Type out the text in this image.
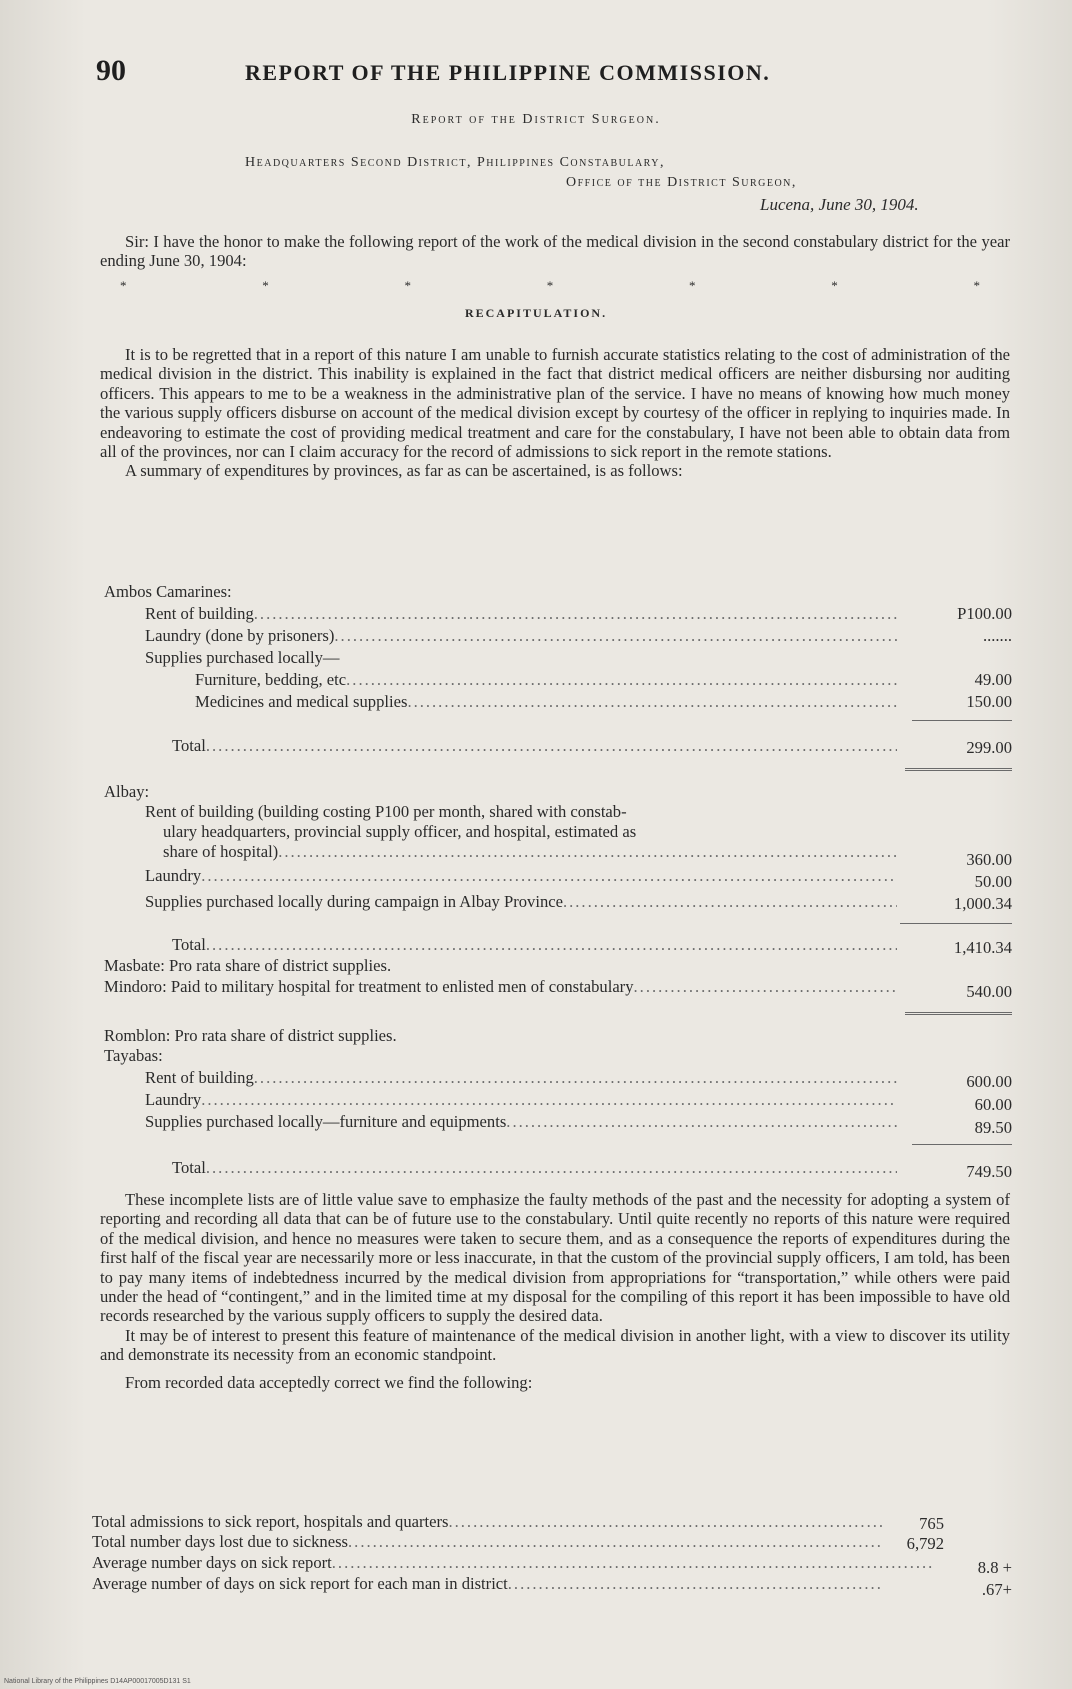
90	REPORT OF THE PHILIPPINE COMMISSION.
Report of the District Surgeon.
Headquarters Second District, Philippines Constabulary,
Office of the District Surgeon,
Lucena, June 30, 1904.

Sir: I have the honor to make the following report of the work of the medical division in the second constabulary district for the year ending June 30, 1904:

*	*	*	*	*	*	*
RECAPITULATION.

It is to be regretted that in a report of this nature I am unable to furnish accurate statistics relating to the cost of administration of the medical division in the district. This inability is explained in the fact that district medical officers are neither disbursing nor auditing officers. This appears to me to be a weakness in the administrative plan of the service. I have no means of knowing how much money the various supply officers disburse on account of the medical division except by courtesy of the officer in replying to inquiries made. In endeavoring to estimate the cost of providing medical treatment and care for the constabulary, I have not been able to obtain data from all of the provinces, nor can I claim accuracy for the record of admissions to sick report in the remote stations.

A summary of expenditures by provinces, as far as can be ascertained, is as follows:

Ambos Camarines:
Rent of building .....	P100.00
Laundry (done by prisoners) .....	.......
Supplies purchased locally—
Furniture, bedding, etc .....	49.00
Medicines and medical supplies .....	150.00
Total .....	299.00
Albay:
Rent of building (building costing P100 per month, shared with constab-
ulary headquarters, provincial supply officer, and hospital, estimated as
share of hospital) .....	360.00
Laundry .....	50.00
Supplies purchased locally during campaign in Albay Province .....	1,000.34
Total .....	1,410.34
Masbate: Pro rata share of district supplies.
Mindoro: Paid to military hospital for treatment to enlisted men of constabulary .....	540.00
Romblon: Pro rata share of district supplies.
Tayabas:
Rent of building .....	600.00
Laundry .....	60.00
Supplies purchased locally—furniture and equipments .....	89.50
Total .....	749.50

These incomplete lists are of little value save to emphasize the faulty methods of the past and the necessity for adopting a system of reporting and recording all data that can be of future use to the constabulary. Until quite recently no reports of this nature were required of the medical division, and hence no measures were taken to secure them, and as a consequence the reports of expenditures during the first half of the fiscal year are necessarily more or less inaccurate, in that the custom of the provincial supply officers, I am told, has been to pay many items of indebtedness incurred by the medical division from appropriations for “transportation,” while others were paid under the head of “contingent,” and in the limited time at my disposal for the compiling of this report it has been impossible to have old records researched by the various supply officers to supply the desired data.

It may be of interest to present this feature of maintenance of the medical division in another light, with a view to discover its utility and demonstrate its necessity from an economic standpoint.

From recorded data acceptedly correct we find the following:

Total admissions to sick report, hospitals and quarters .....	765
Total number days lost due to sickness .....	6,792
Average number days on sick report .....	8.8 +
Average number of days on sick report for each man in district .....	.67+
National Library of the Philippines D14AP00017005D131 S1
